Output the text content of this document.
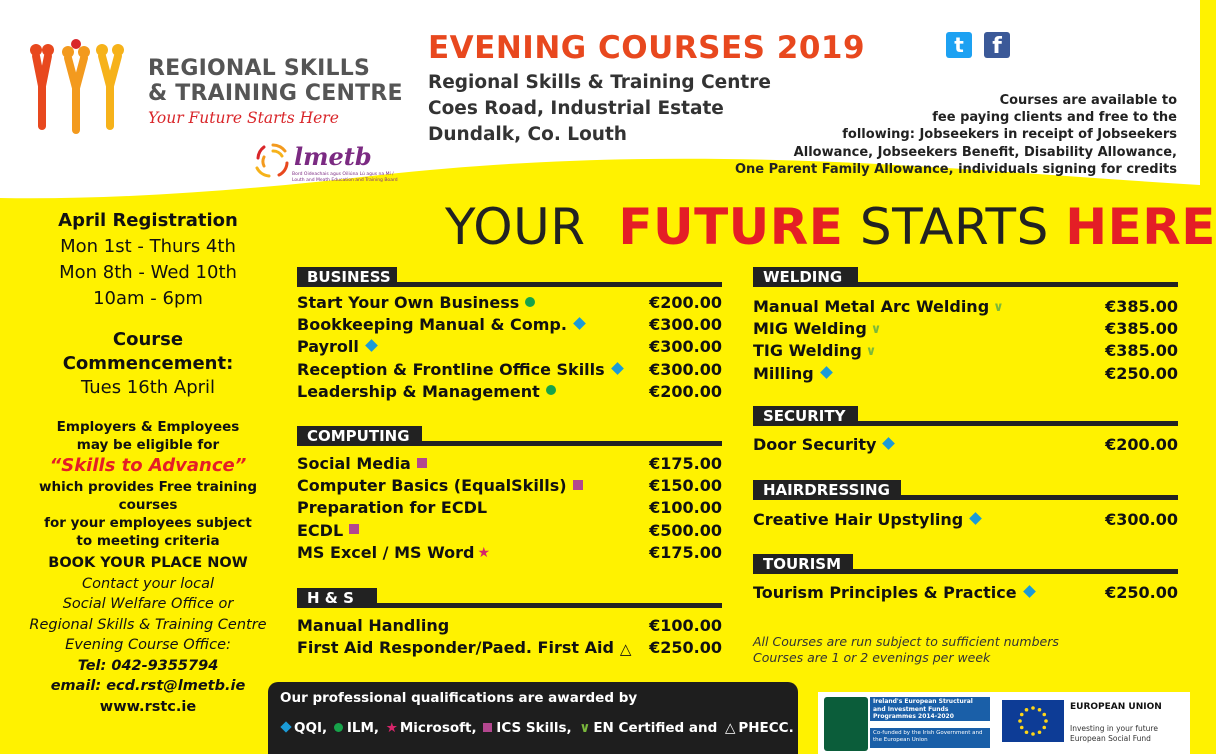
REGIONAL SKILLS
& TRAINING CENTRE
Your Future Starts Here
lmetb
Bord Oideachais agus Oiliúna Lú agus na Mí / Louth and Meath Education and Training Board
EVENING COURSES 2019
Regional Skills & Training Centre
Coes Road, Industrial Estate
Dundalk, Co. Louth
t	f
Courses are available to
fee paying clients and free to the
following: Jobseekers in receipt of Jobseekers
Allowance, Jobseekers Benefit, Disability Allowance,
One Parent Family Allowance, individuals signing for credits
YOUR FUTURE STARTS HERE
April Registration
Mon 1st - Thurs 4th
Mon 8th - Wed 10th
10am - 6pm
Course
Commencement:
Tues 16th April
Employers & Employees
may be eligible for
“Skills to Advance”
which provides Free training courses
for your employees subject
to meeting criteria
BOOK YOUR PLACE NOW
Contact your local
Social Welfare Office or
Regional Skills & Training Centre
Evening Course Office:
Tel: 042-9355794
email: ecd.rst@lmetb.ie
www.rstc.ie
BUSINESS
Start Your Own Business	€200.00
Bookkeeping Manual & Comp.	€300.00
Payroll	€300.00
Reception & Frontline Office Skills	€300.00
Leadership & Management	€200.00
COMPUTING
Social Media	€175.00
Computer Basics (EqualSkills)	€150.00
Preparation for ECDL	€100.00
ECDL	€500.00
MS Excel / MS Word ★	€175.00
H & S
Manual Handling	€100.00
First Aid Responder/Paed. First Aid △	€250.00
WELDING
Manual Metal Arc Welding ∨	€385.00
MIG Welding ∨	€385.00
TIG Welding ∨	€385.00
Milling	€250.00
SECURITY
Door Security	€200.00
HAIRDRESSING
Creative Hair Upstyling	€300.00
TOURISM
Tourism Principles & Practice	€250.00
All Courses are run subject to sufficient numbers
Courses are 1 or 2 evenings per week
Our professional qualifications are awarded by
QQI, ILM, ★ Microsoft, ICS Skills, ∨ EN Certified and △ PHECC.
Ireland's European Structural and Investment Funds Programmes 2014-2020
Co-funded by the Irish Government and the European Union
EUROPEAN UNION
Investing in your future
European Social Fund
